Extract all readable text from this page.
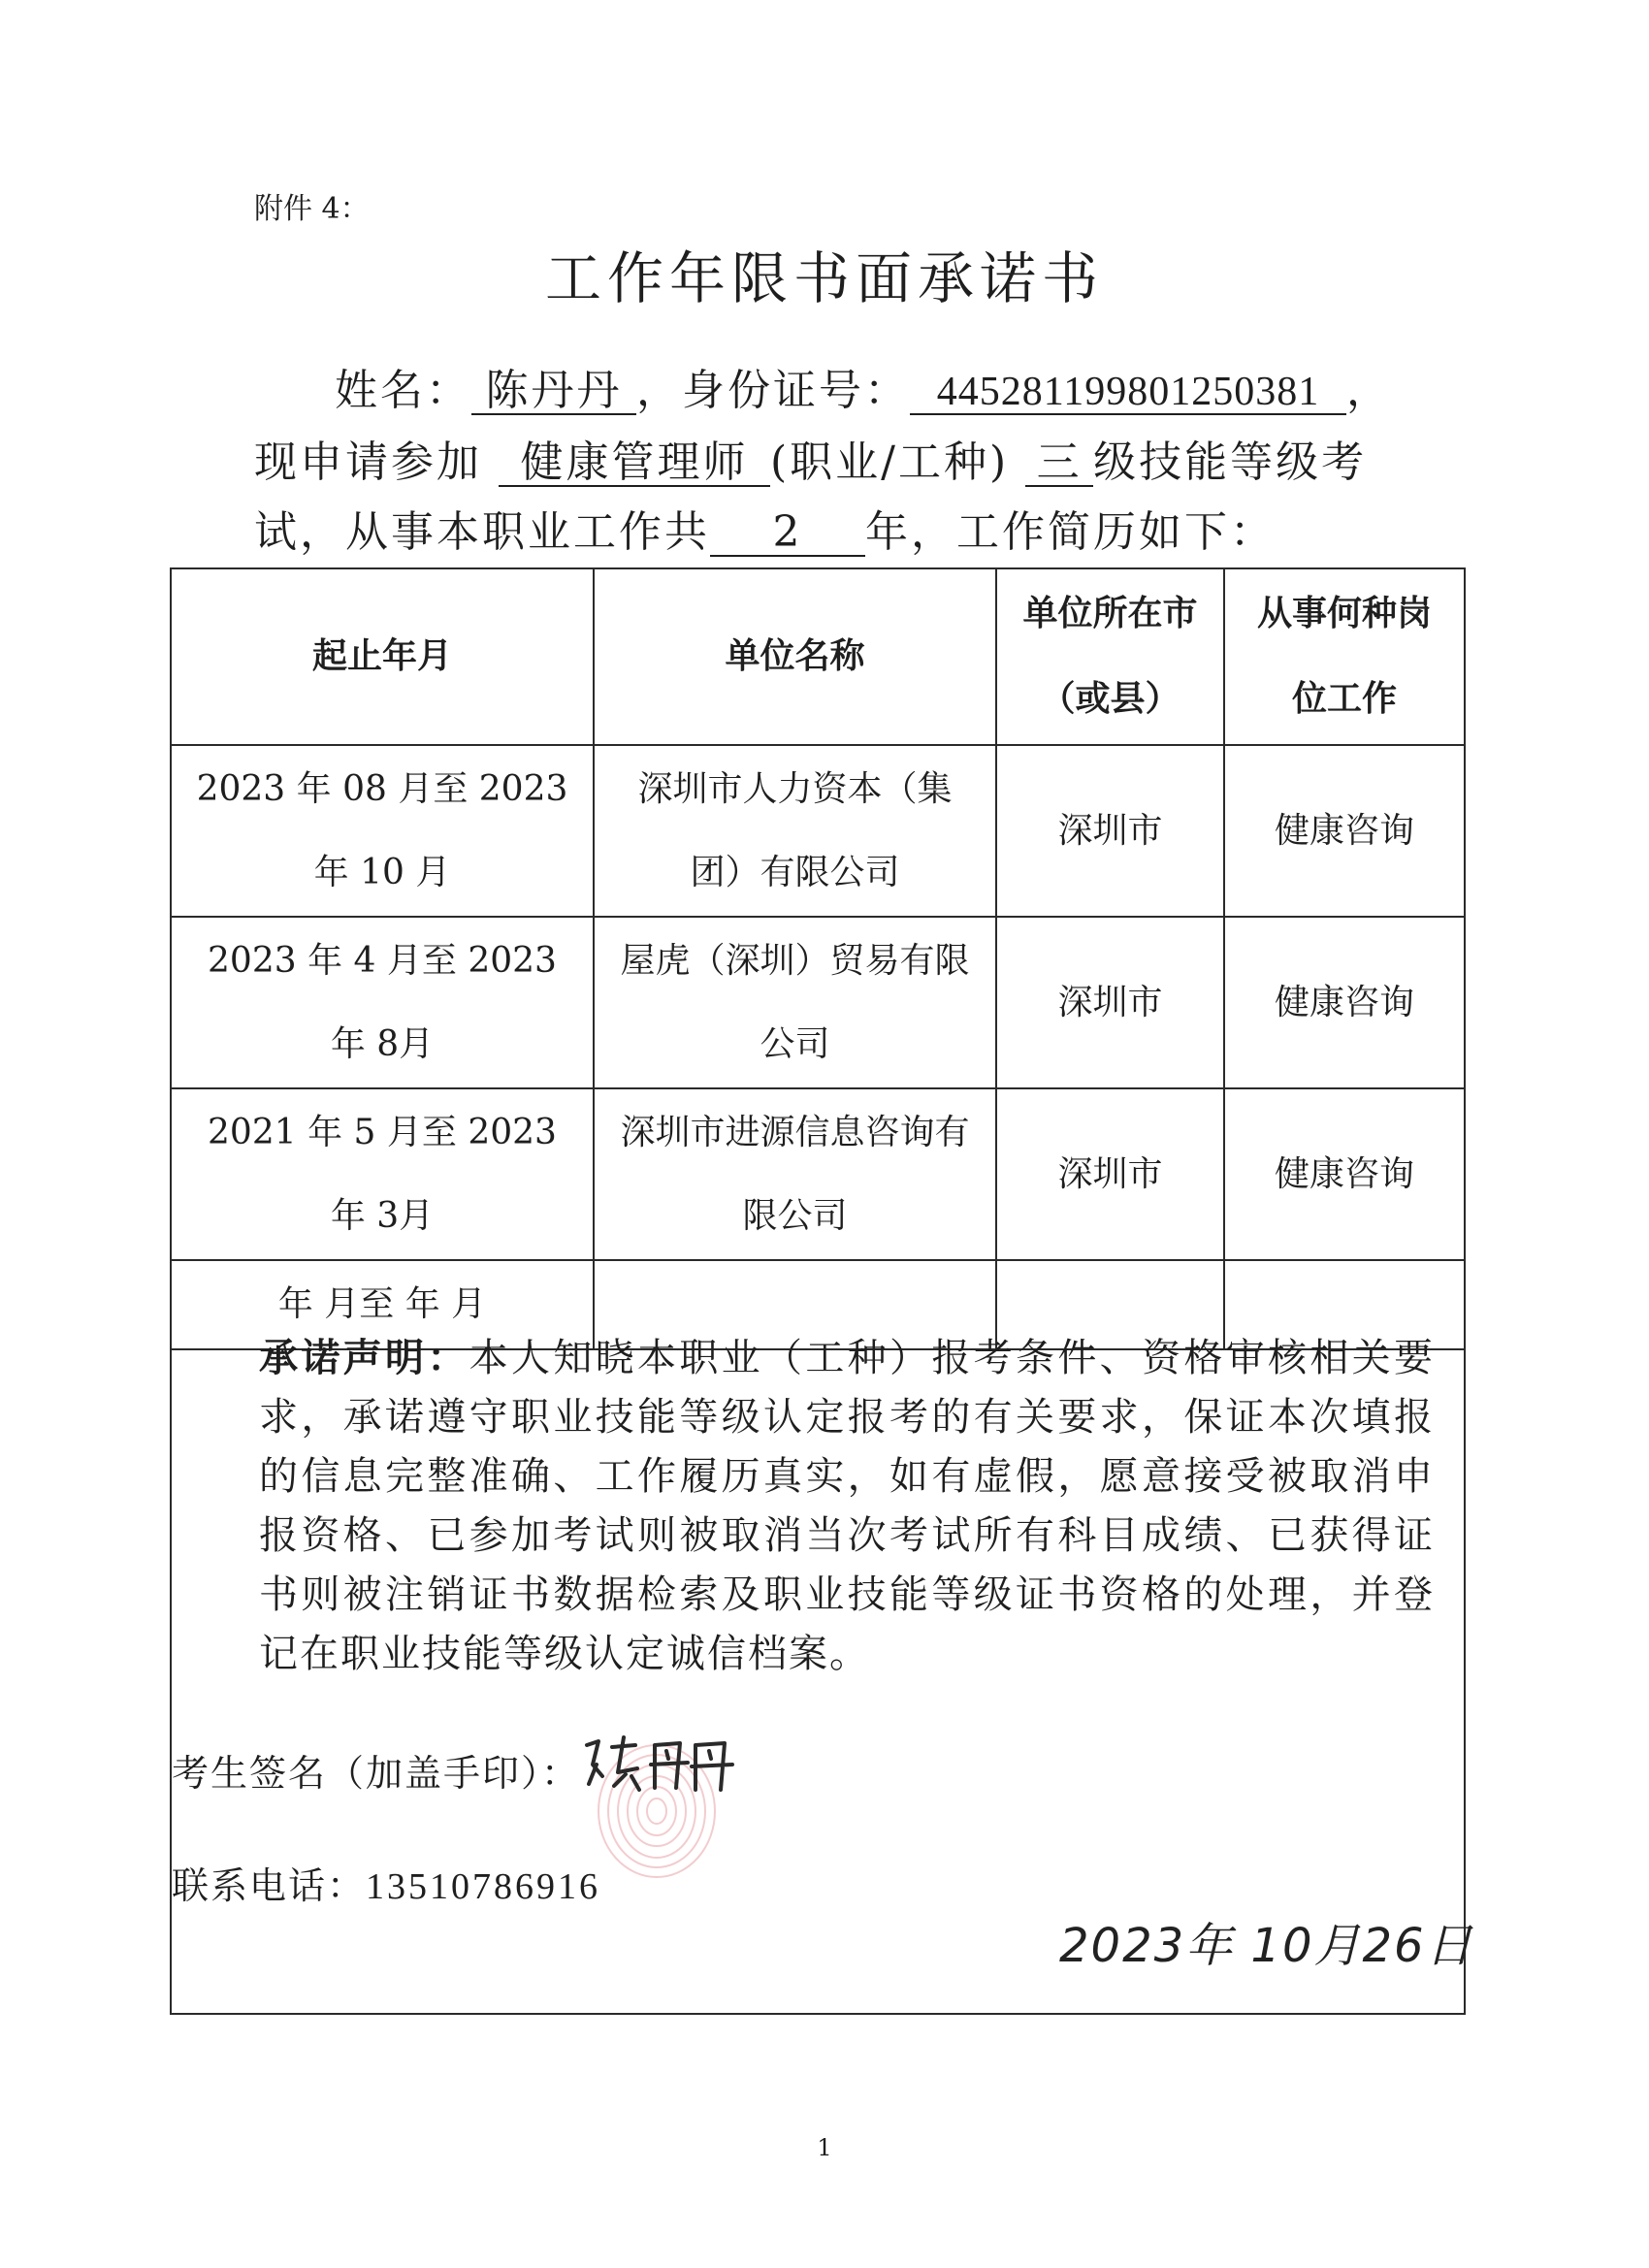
附件 4：
工作年限书面承诺书
姓名： 陈丹丹 ，身份证号： 445281199801250381 ，
现申请参加 健康管理师 (职业/工种) 三 级技能等级考
试，从事本职业工作共 2 年，工作简历如下：
起止年月	单位名称	单位所在市（或县）	从事何种岗位工作
2023 年 08 月至 2023 年 10 月	深圳市人力资本（集团）有限公司	深圳市	健康咨询
2023 年 4 月至 2023 年 8月	屋虎（深圳）贸易有限公司	深圳市	健康咨询
2021 年 5 月至 2023 年 3月	深圳市进源信息咨询有限公司	深圳市	健康咨询
年 月至 年 月			
承诺声明：本人知晓本职业（工种）报考条件、资格审核相关要求，承诺遵守职业技能等级认定报考的有关要求，保证本次填报的信息完整准确、工作履历真实，如有虚假，愿意接受被取消申报资格、已参加考试则被取消当次考试所有科目成绩、已获得证书则被注销证书数据检索及职业技能等级证书资格的处理，并登记在职业技能等级认定诚信档案。
考生签名（加盖手印）：
联系电话：13510786916
2023年 10月26日
1
